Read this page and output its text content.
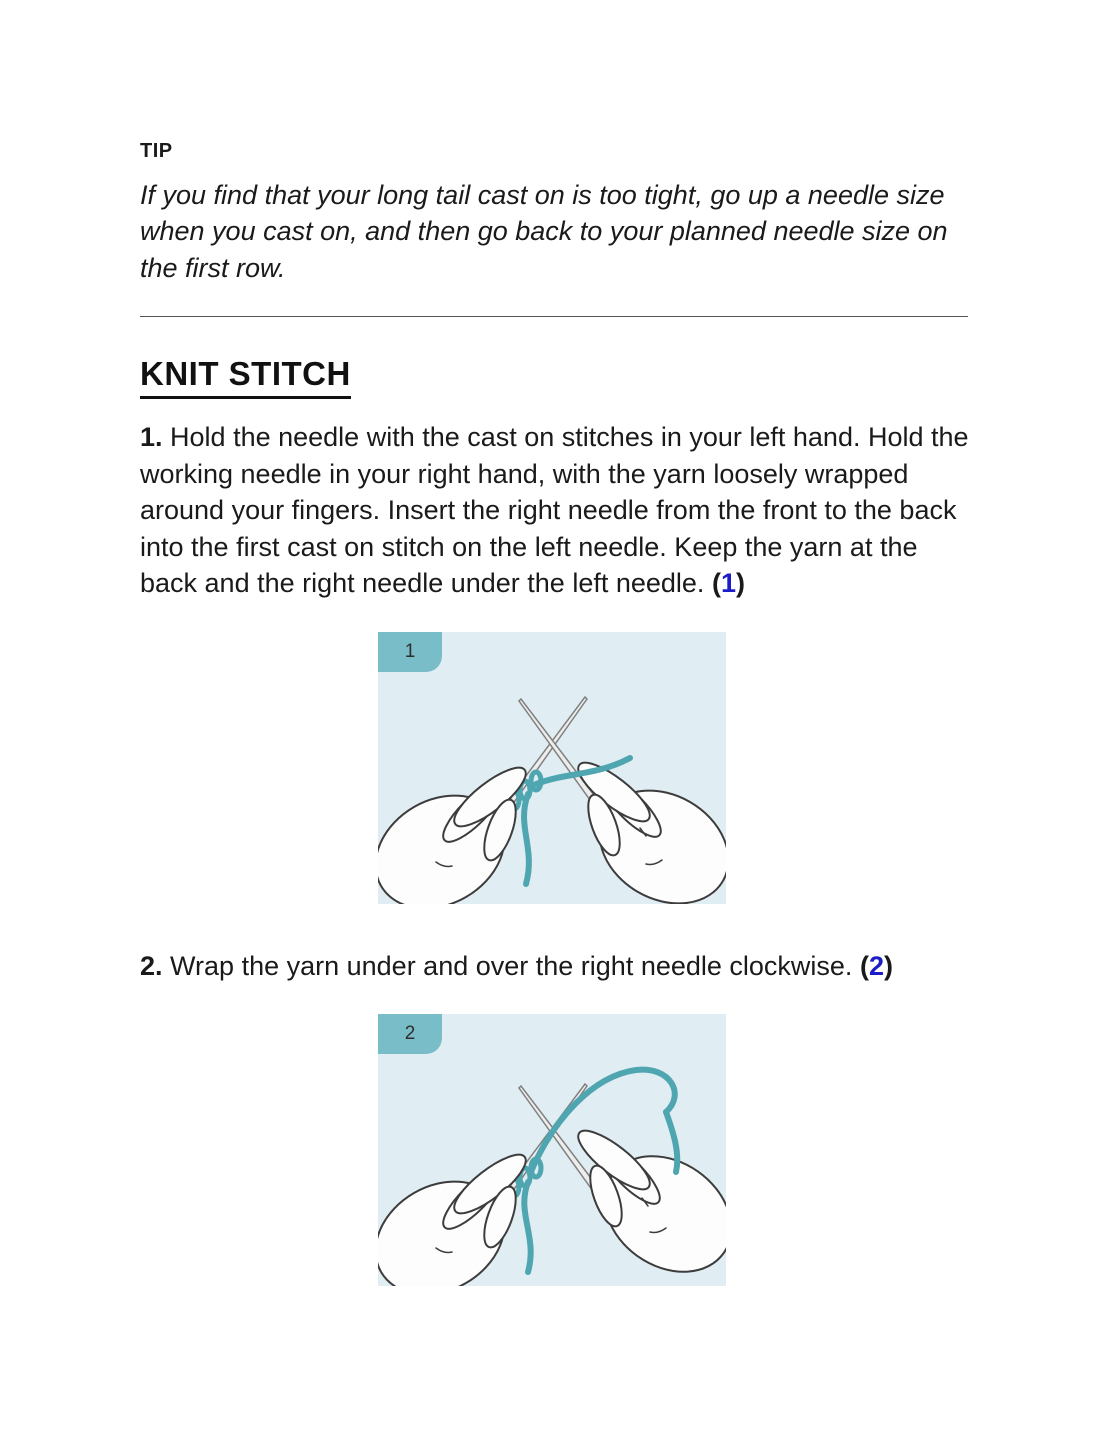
TIP

If you find that your long tail cast on is too tight, go up a needle size when you cast on, and then go back to your planned needle size on the first row.

KNIT STITCH

1. Hold the needle with the cast on stitches in your left hand. Hold the working needle in your right hand, with the yarn loosely wrapped around your fingers. Insert the right needle from the front to the back into the first cast on stitch on the left needle. Keep the yarn at the back and the right needle under the left needle. (1)

1

2. Wrap the yarn under and over the right needle clockwise. (2)

2
